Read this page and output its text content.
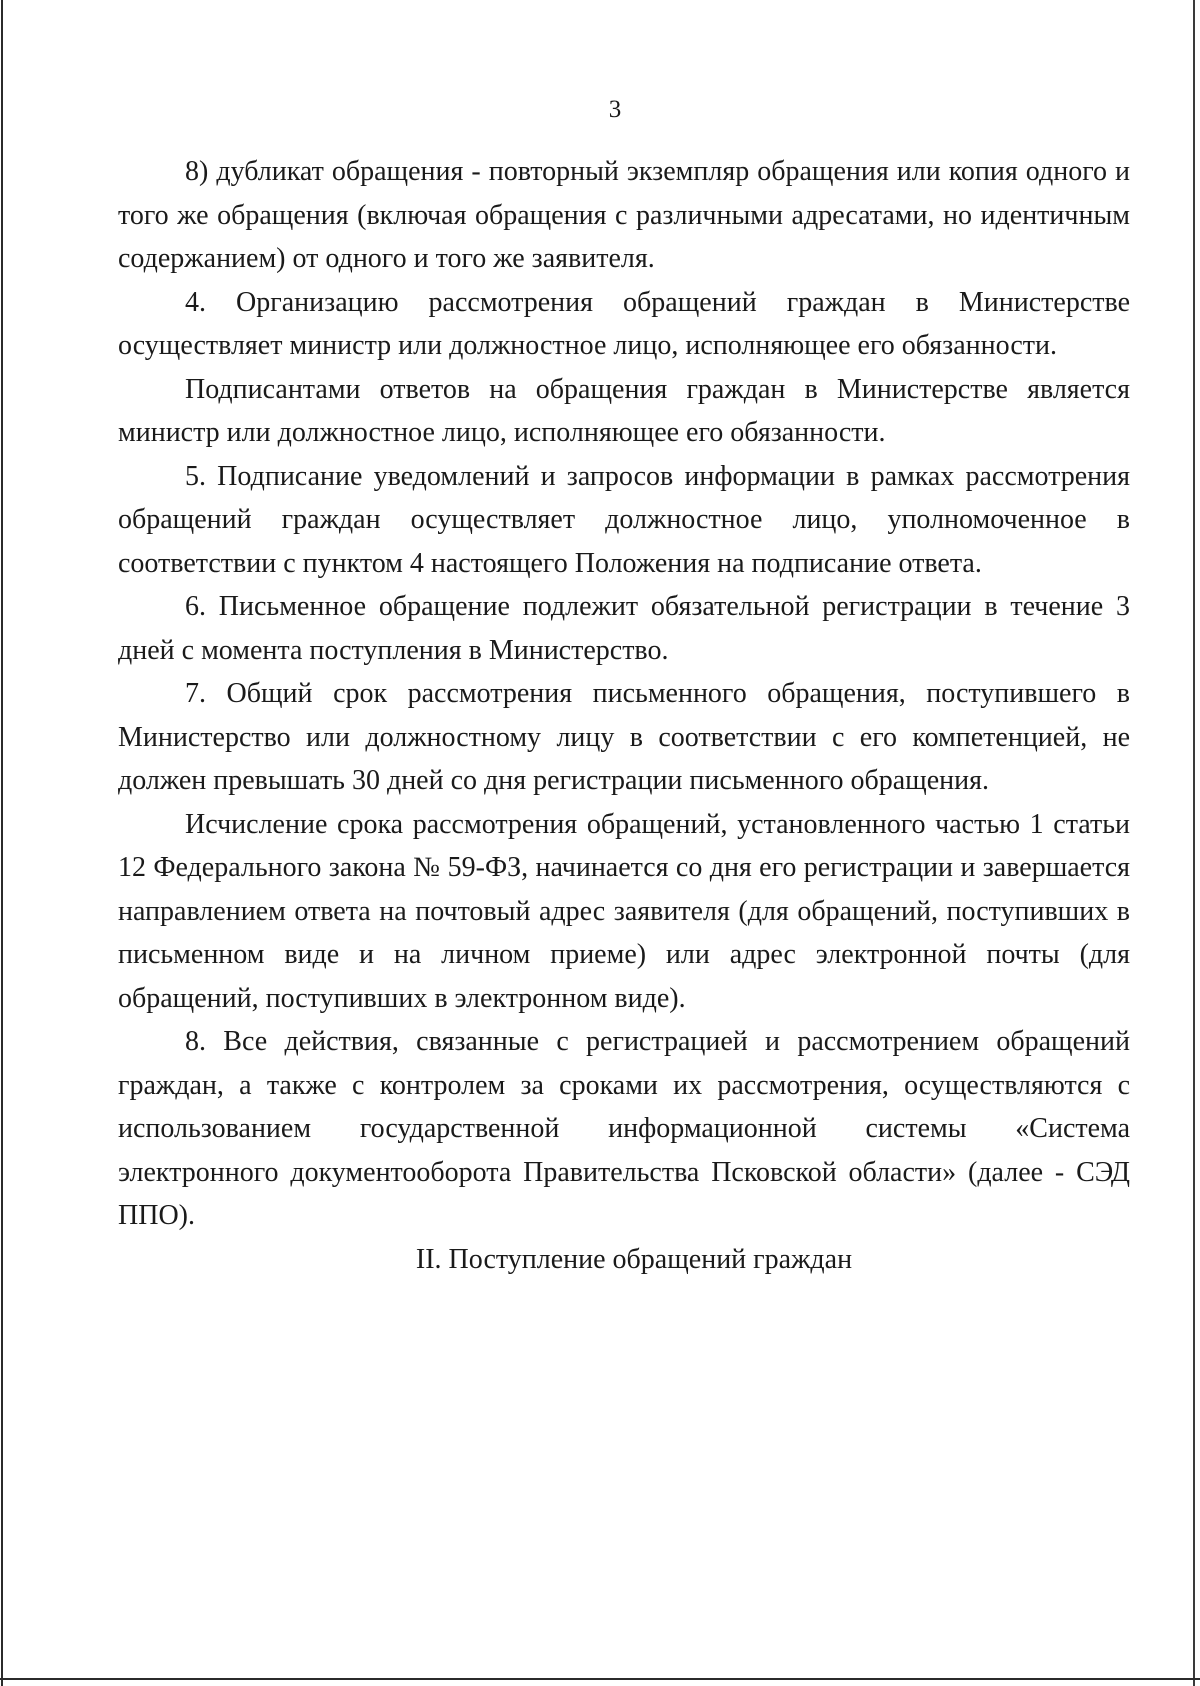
3

8) дубликат обращения - повторный экземпляр обращения или копия одного и того же обращения (включая обращения с различными адресатами, но идентичным содержанием) от одного и того же заявителя.

4. Организацию рассмотрения обращений граждан в Министерстве осуществляет министр или должностное лицо, исполняющее его обязанности.

Подписантами ответов на обращения граждан в Министерстве является министр или должностное лицо, исполняющее его обязанности.

5. Подписание уведомлений и запросов информации в рамках рассмотрения обращений граждан осуществляет должностное лицо, уполномоченное в соответствии с пунктом 4 настоящего Положения на подписание ответа.

6. Письменное обращение подлежит обязательной регистрации в течение 3 дней с момента поступления в Министерство.

7. Общий срок рассмотрения письменного обращения, поступившего в Министерство или должностному лицу в соответствии с его компетенцией, не должен превышать 30 дней со дня регистрации письменного обращения.

Исчисление срока рассмотрения обращений, установленного частью 1 статьи 12 Федерального закона № 59-ФЗ, начинается со дня его регистрации и завершается направлением ответа на почтовый адрес заявителя (для обращений, поступивших в письменном виде и на личном приеме) или адрес электронной почты (для обращений, поступивших в электронном виде).

8. Все действия, связанные с регистрацией и рассмотрением обращений граждан, а также с контролем за сроками их рассмотрения, осуществляются с использованием государственной информационной системы «Система электронного документооборота Правительства Псковской области» (далее - СЭД ППО).

II. Поступление обращений граждан
